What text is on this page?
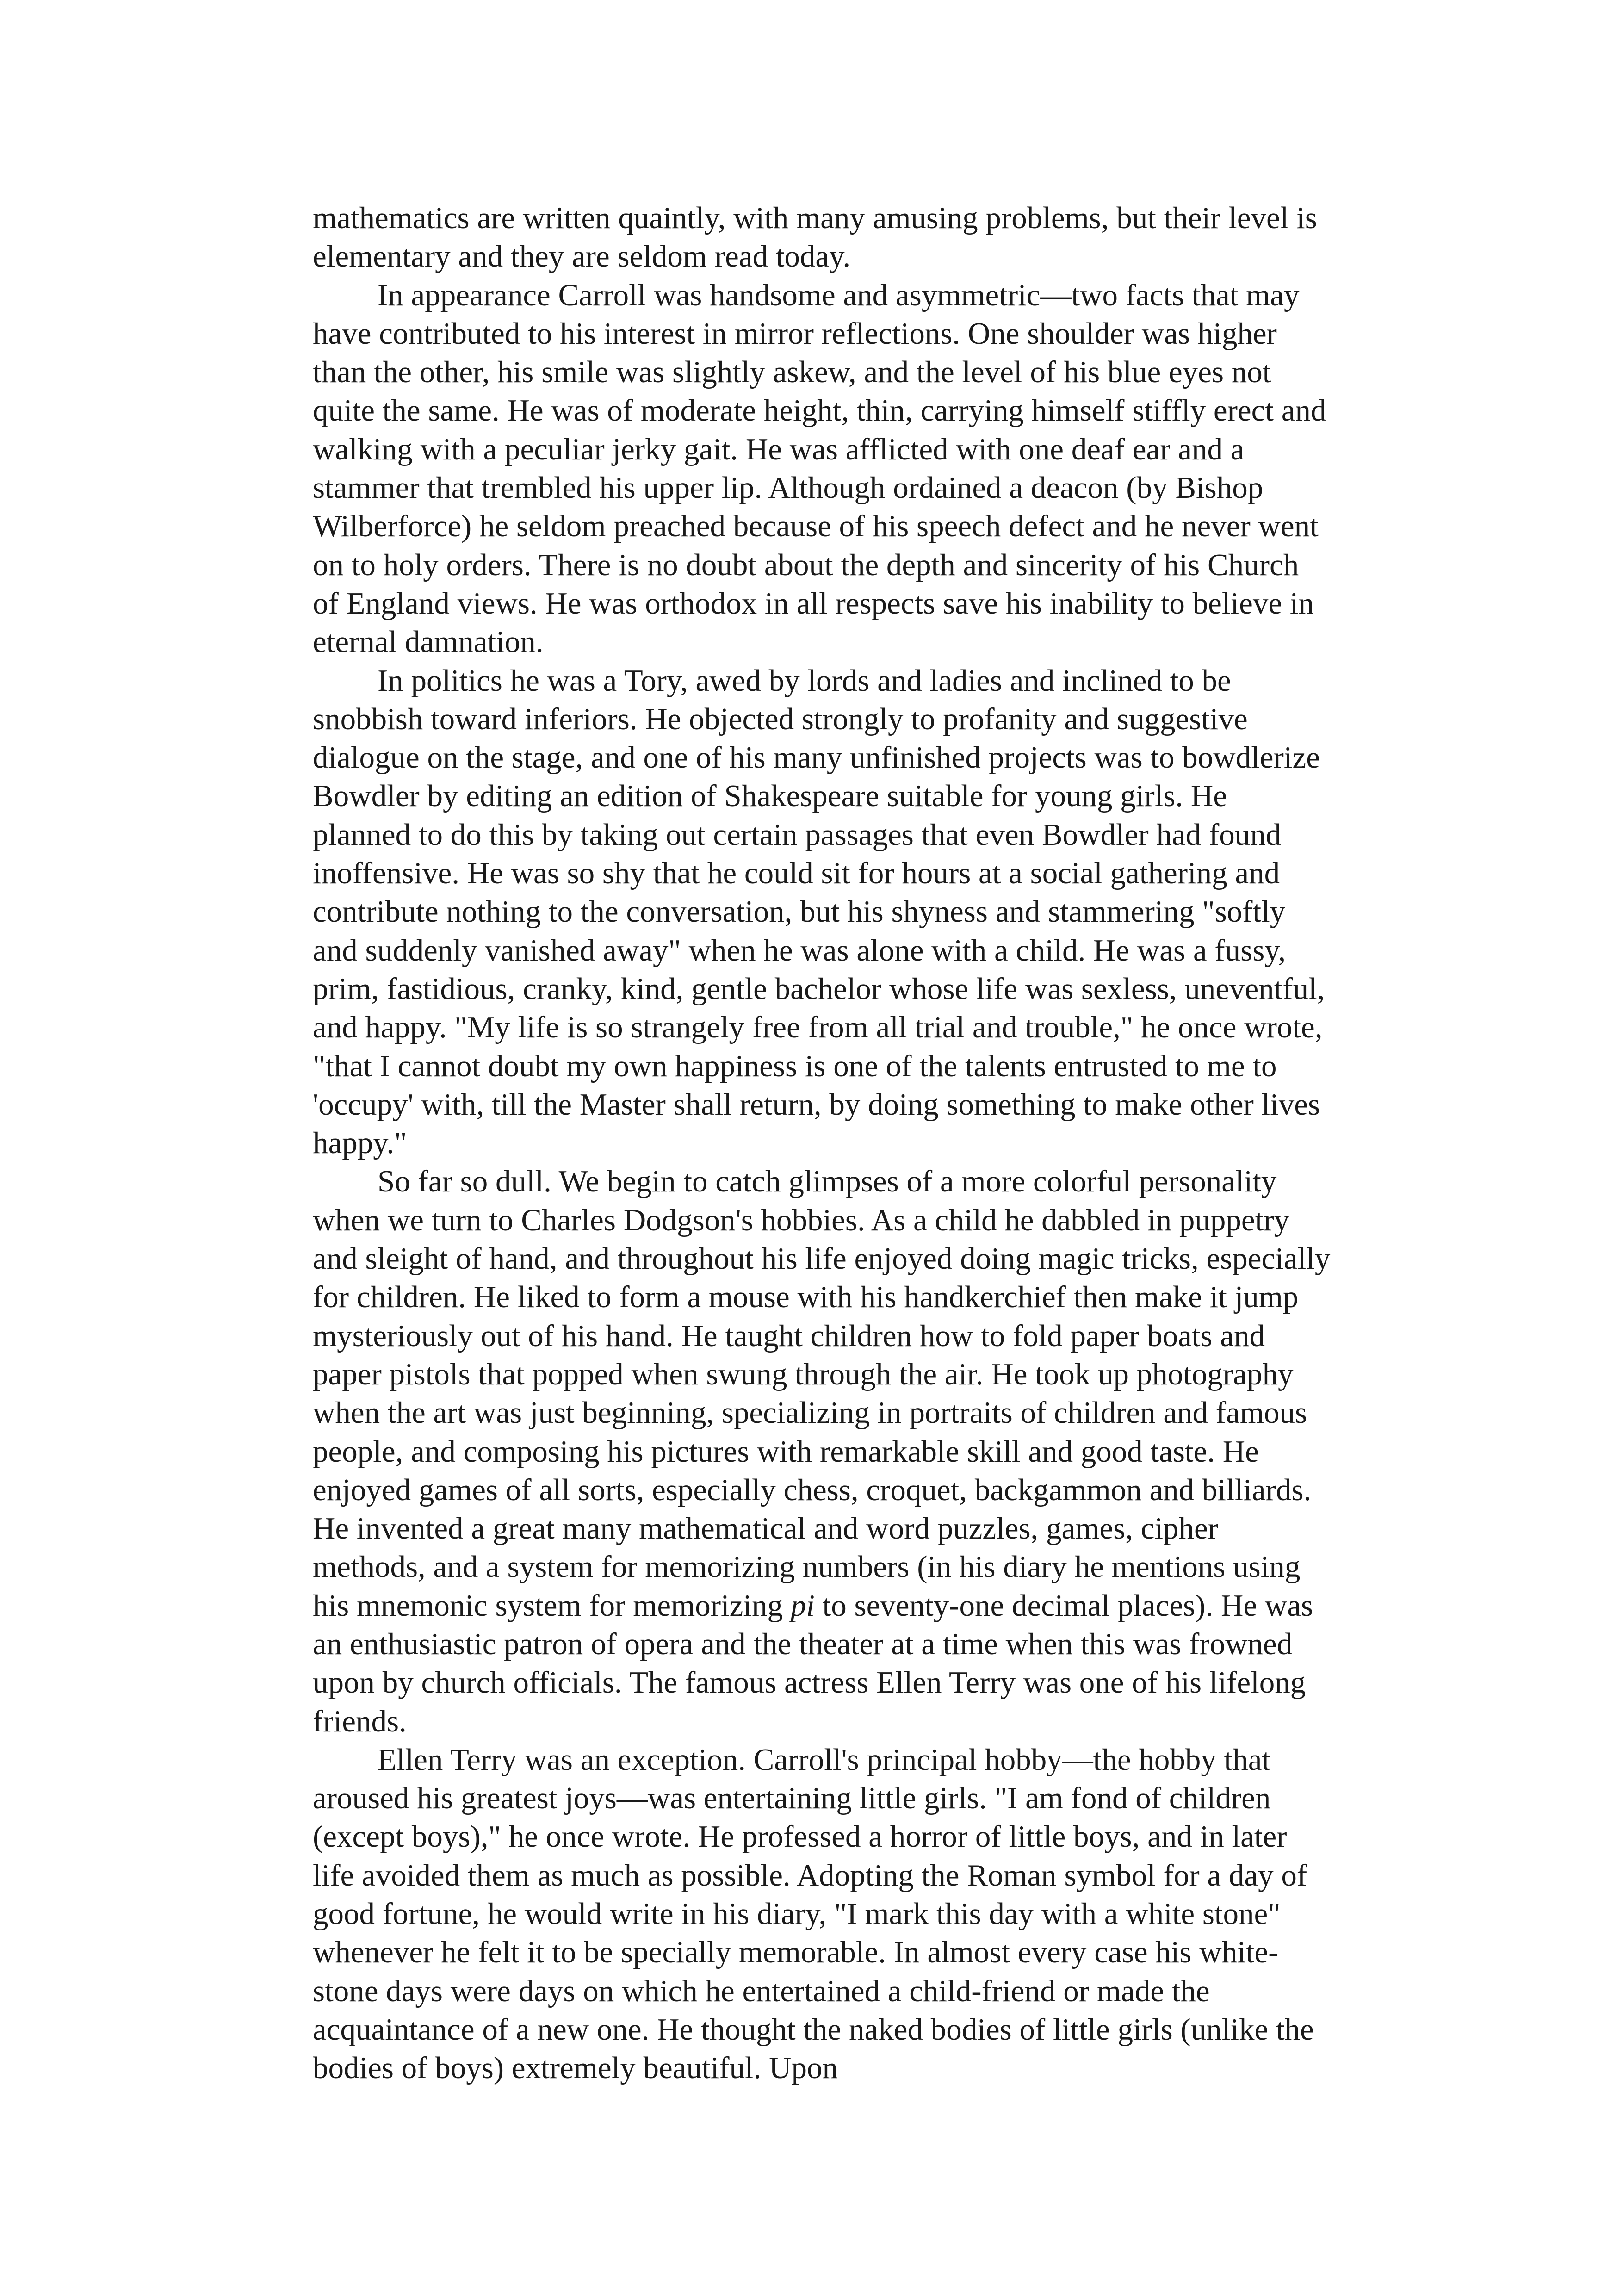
mathematics are written quaintly, with many amusing problems, but their level is elementary and they are seldom read today.

In appearance Carroll was handsome and asymmetric—two facts that may have contributed to his interest in mirror reflections. One shoulder was higher than the other, his smile was slightly askew, and the level of his blue eyes not quite the same. He was of moderate height, thin, carrying himself stiffly erect and walking with a peculiar jerky gait. He was afflicted with one deaf ear and a stammer that trembled his upper lip. Although ordained a deacon (by Bishop Wilberforce) he seldom preached because of his speech defect and he never went on to holy orders. There is no doubt about the depth and sincerity of his Church of England views. He was orthodox in all respects save his inability to believe in eternal damnation.

In politics he was a Tory, awed by lords and ladies and inclined to be snobbish toward inferiors. He objected strongly to profanity and suggestive dialogue on the stage, and one of his many unfinished projects was to bowdlerize Bowdler by editing an edition of Shakespeare suitable for young girls. He planned to do this by taking out certain passages that even Bowdler had found inoffensive. He was so shy that he could sit for hours at a social gathering and contribute nothing to the conversation, but his shyness and stammering "softly and suddenly vanished away" when he was alone with a child. He was a fussy, prim, fastidious, cranky, kind, gentle bachelor whose life was sexless, uneventful, and happy. "My life is so strangely free from all trial and trouble," he once wrote, "that I cannot doubt my own happiness is one of the talents entrusted to me to 'occupy' with, till the Master shall return, by doing something to make other lives happy."

So far so dull. We begin to catch glimpses of a more colorful personality when we turn to Charles Dodgson's hobbies. As a child he dabbled in puppetry and sleight of hand, and throughout his life enjoyed doing magic tricks, especially for children. He liked to form a mouse with his handkerchief then make it jump mysteriously out of his hand. He taught children how to fold paper boats and paper pistols that popped when swung through the air. He took up photography when the art was just beginning, specializing in portraits of children and famous people, and composing his pictures with remarkable skill and good taste. He enjoyed games of all sorts, especially chess, croquet, backgammon and billiards. He invented a great many mathematical and word puzzles, games, cipher methods, and a system for memorizing numbers (in his diary he mentions using his mnemonic system for memorizing pi to seventy-one decimal places). He was an enthusiastic patron of opera and the theater at a time when this was frowned upon by church officials. The famous actress Ellen Terry was one of his lifelong friends.

Ellen Terry was an exception. Carroll's principal hobby—the hobby that aroused his greatest joys—was entertaining little girls. "I am fond of children (except boys)," he once wrote. He professed a horror of little boys, and in later life avoided them as much as possible. Adopting the Roman symbol for a day of good fortune, he would write in his diary, "I mark this day with a white stone" whenever he felt it to be specially memorable. In almost every case his white-stone days were days on which he entertained a child-friend or made the acquaintance of a new one. He thought the naked bodies of little girls (unlike the bodies of boys) extremely beautiful. Upon
